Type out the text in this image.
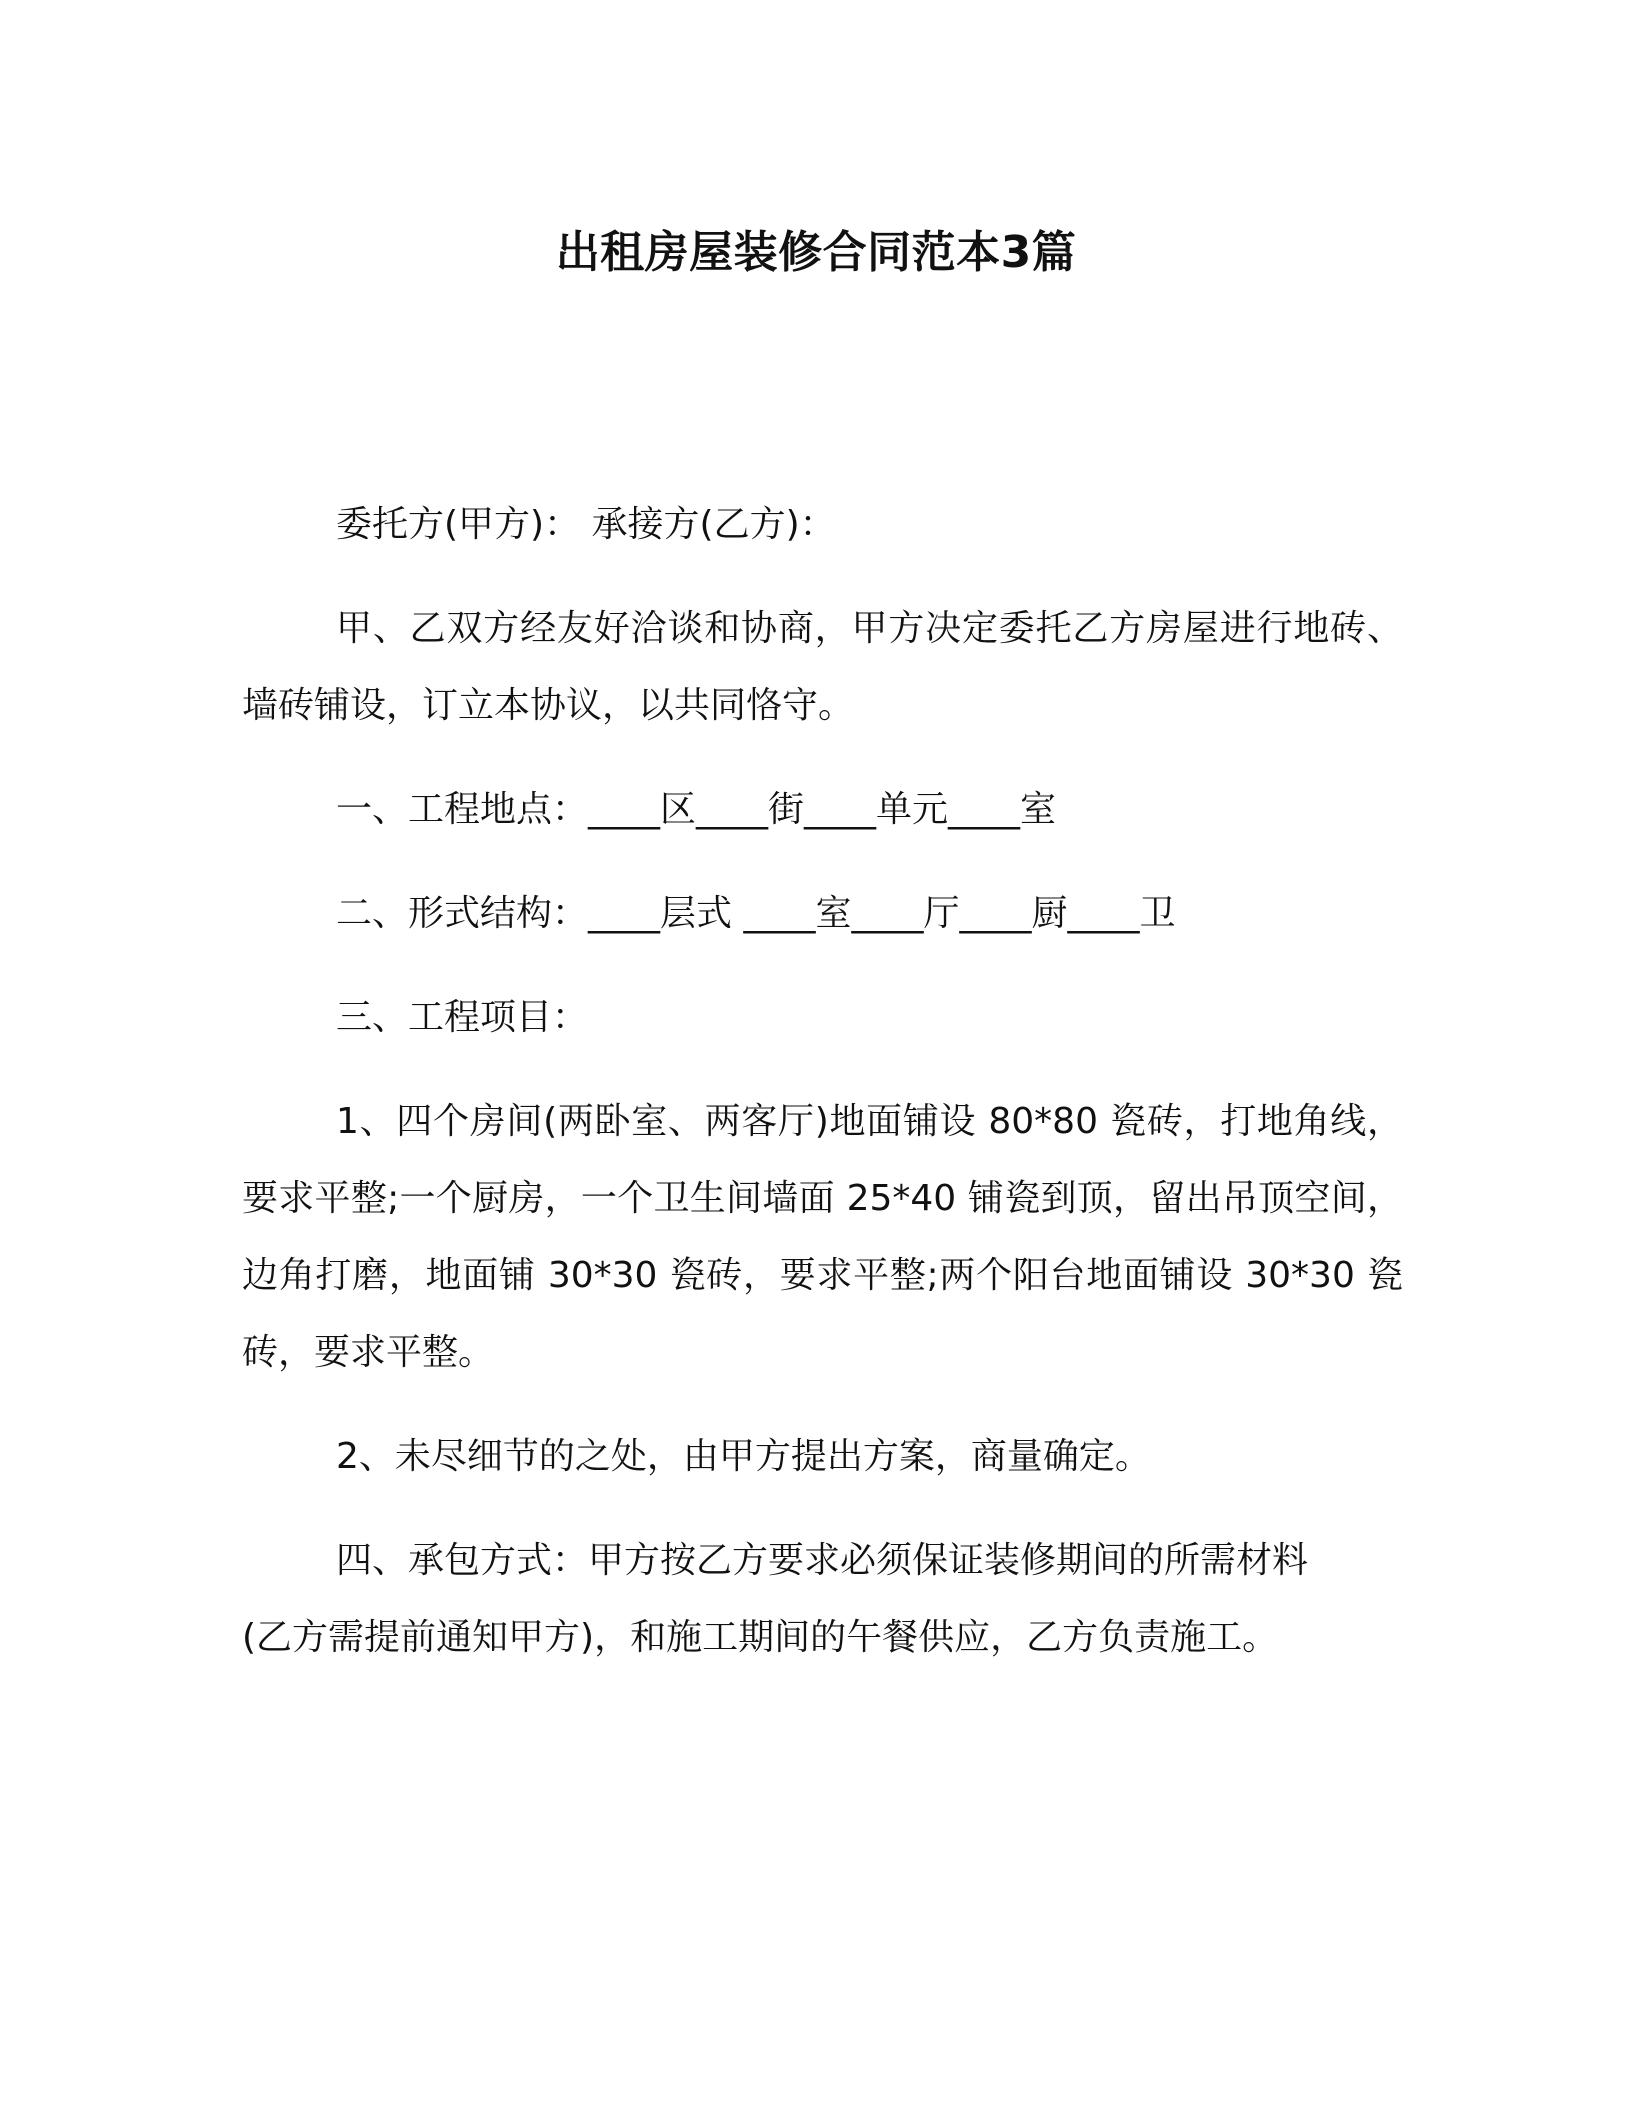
出租房屋装修合同范本3篇
委托方(甲方)： 承接方(乙方)：
甲、乙双方经友好洽谈和协商，甲方决定委托乙方房屋进行地砖、
墙砖铺设，订立本协议，以共同恪守。
一、工程地点：____区____街____单元____室
二、形式结构：____层式 ____室____厅____厨____卫
三、工程项目：
1、四个房间(两卧室、两客厅)地面铺设 80*80 瓷砖，打地角线，
要求平整;一个厨房，一个卫生间墙面 25*40 铺瓷到顶，留出吊顶空间，
边角打磨，地面铺 30*30 瓷砖，要求平整;两个阳台地面铺设 30*30 瓷
砖，要求平整。
2、未尽细节的之处，由甲方提出方案，商量确定。
四、承包方式：甲方按乙方要求必须保证装修期间的所需材料
(乙方需提前通知甲方)，和施工期间的午餐供应，乙方负责施工。
